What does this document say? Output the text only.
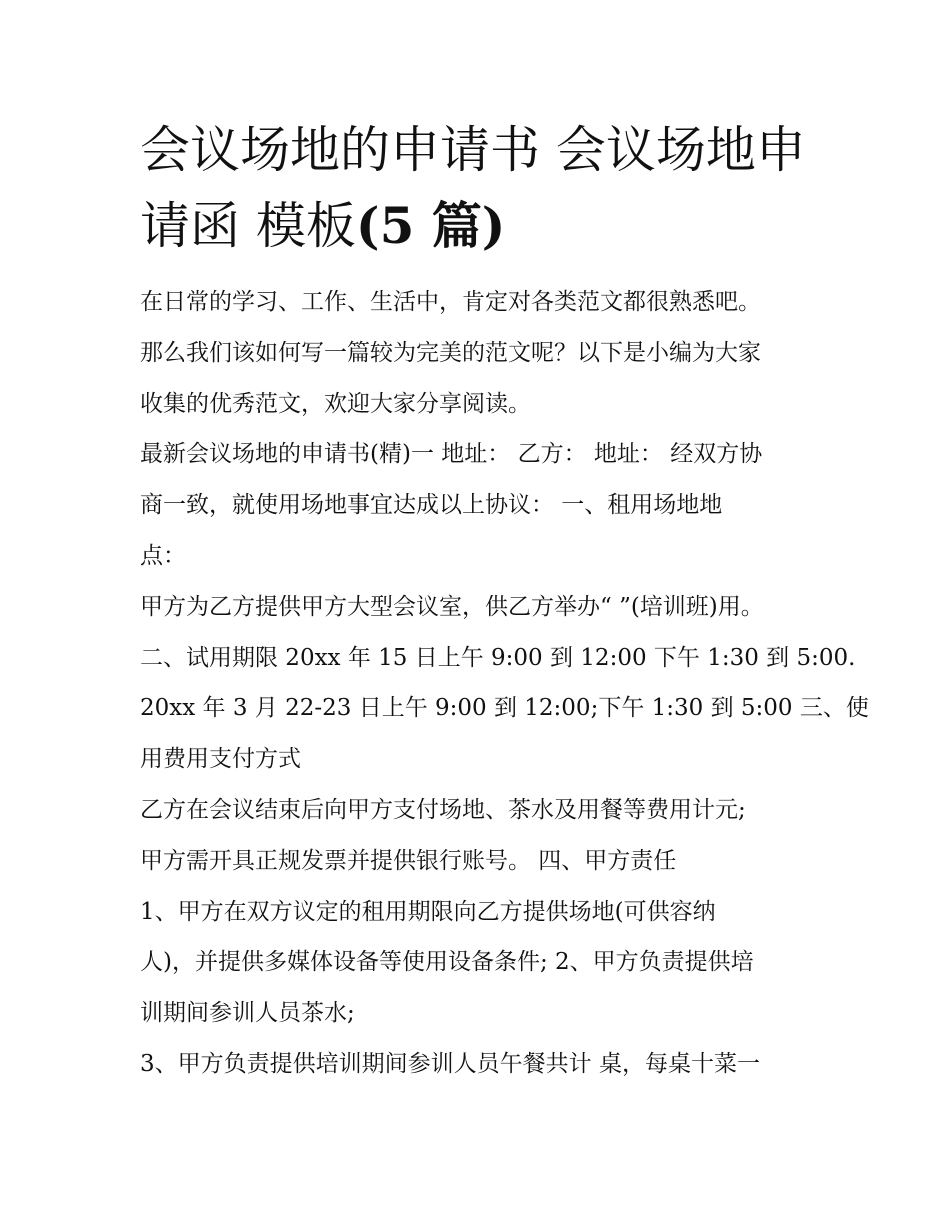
会议场地的申请书 会议场地申
请函 模板(5 篇)
在日常的学习、工作、生活中，肯定对各类范文都很熟悉吧。
那么我们该如何写一篇较为完美的范文呢？以下是小编为大家
收集的优秀范文，欢迎大家分享阅读。
最新会议场地的申请书(精)一 地址： 乙方： 地址： 经双方协
商一致，就使用场地事宜达成以上协议： 一、租用场地地
点：
甲方为乙方提供甲方大型会议室，供乙方举办“ ”(培训班)用。
二、试用期限 20xx 年 15 日上午 9:00 到 12:00 下午 1:30 到 5:00.
20xx 年 3 月 22-23 日上午 9:00 到 12:00;下午 1:30 到 5:00 三、使
用费用支付方式
乙方在会议结束后向甲方支付场地、茶水及用餐等费用计元;
甲方需开具正规发票并提供银行账号。 四、甲方责任
1、甲方在双方议定的租用期限向乙方提供场地(可供容纳
人)，并提供多媒体设备等使用设备条件; 2、甲方负责提供培
训期间参训人员茶水;
3、甲方负责提供培训期间参训人员午餐共计 桌，每桌十菜一
